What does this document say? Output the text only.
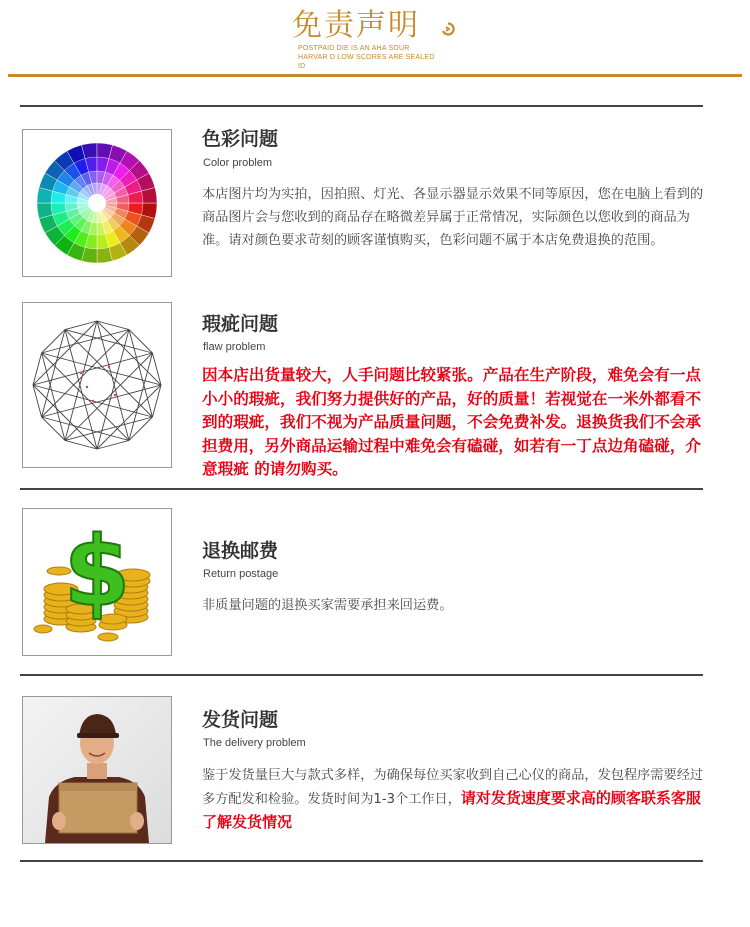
免责声明
POSTPAID DIE IS AN AHA SOUR HARVAR D LOW SCORES ARE SEALED ID
色彩问题
Color problem
本店图片均为实拍，因拍照、灯光、各显示器显示效果不同等原因，您在电脑上看到的商品图片会与您收到的商品存在略微差异属于正常情况，实际颜色以您收到的商品为准。请对颜色要求苛刻的顾客谨慎购买，色彩问题不属于本店免费退换的范围。
瑕疵问题
flaw problem
因本店出货量较大，人手问题比较紧张。产品在生产阶段，难免会有一点小小的瑕疵，我们努力提供好的产品，好的质量！若视觉在一米外都看不到的瑕疵，我们不视为产品质量问题，不会免费补发。退换货我们不会承担费用，另外商品运输过程中难免会有磕碰，如若有一丁点边角磕碰，介意瑕疵 的请勿购买。
$	退换邮费
Return postage
非质量问题的退换买家需要承担来回运费。
发货问题
The delivery problem
鉴于发货量巨大与款式多样，为确保每位买家收到自己心仪的商品，发包程序需要经过多方配发和检验。发货时间为1-3个工作日，请对发货速度要求高的顾客联系客服了解发货情况
